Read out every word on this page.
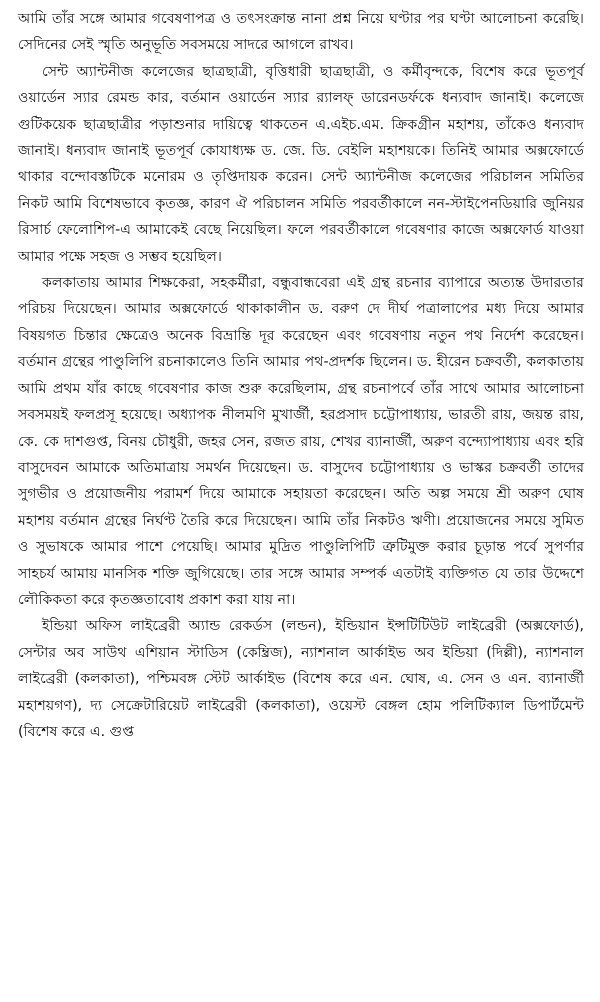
আমি তাঁর সঙ্গে আমার গবেষণাপত্র ও তৎসংক্রান্ত নানা প্রশ্ন নিয়ে ঘণ্টার পর ঘণ্টা আলোচনা করেছি। সেদিনের সেই স্মৃতি অনুভূতি সবসময়ে সাদরে আগলে রাখব।

সেন্ট অ্যান্টনীজ কলেজের ছাত্রছাত্রী, বৃত্তিধারী ছাত্রছাত্রী, ও কর্মীবৃন্দকে, বিশেষ করে ভূতপূর্ব ওয়ার্ডেন স্যার রেমন্ড কার, বর্তমান ওয়ার্ডেন স্যার র‍্যালফ্ ডারেনডর্ফকে ধন্যবাদ জানাই। কলেজে গুটিকয়েক ছাত্রছাত্রীর পড়াশুনার দায়িত্বে থাকতেন এ.এইচ.এম. ক্রিকগ্রীন মহাশয়, তাঁকেও ধন্যবাদ জানাই। ধন্যবাদ জানাই ভূতপূর্ব কোযাধ্যক্ষ ড. জে. ডি. বেইলি মহাশয়কে। তিনিই আমার অক্সফোর্ডে থাকার বন্দোবস্তটিকে মনোরম ও তৃপ্তিদায়ক করেন। সেন্ট অ্যান্টনীজ কলেজের পরিচালন সমিতির নিকট আমি বিশেষভাবে কৃতজ্ঞ, কারণ ঐ পরিচালন সমিতি পরবর্তীকালে নন-স্টাইপেনডিয়ারি জুনিয়র রিসার্চ ফেলোশিপ-এ আমাকেই বেছে নিয়েছিল। ফলে পরবর্তীকালে গবেষণার কাজে অক্সফোর্ড যাওয়া আমার পক্ষে সহজ ও সম্ভব হয়েছিল।

কলকাতায় আমার শিক্ষকেরা, সহকর্মীরা, বন্ধুবান্ধবেরা এই গ্রন্থ রচনার ব্যাপারে অত্যন্ত উদারতার পরিচয় দিয়েছেন। আমার অক্সফোর্ডে থাকাকালীন ড. বরুণ দে দীর্ঘ পত্রালাপের মধ্য দিয়ে আমার বিষয়গত চিন্তার ক্ষেত্রেও অনেক বিভ্রান্তি দূর করেছেন এবং গবেষণায় নতুন পথ নির্দেশ করেছেন। বর্তমান গ্রন্থের পাণ্ডুলিপি রচনাকালেও তিনি আমার পথ-প্রদর্শক ছিলেন। ড. হীরেন চক্রবর্তী, কলকাতায় আমি প্রথম যাঁর কাছে গবেষণার কাজ শুরু করেছিলাম, গ্রন্থ রচনাপর্বে তাঁর সাথে আমার আলোচনা সবসময়ই ফলপ্রসূ হয়েছে। অধ্যাপক নীলমণি মুখার্জী, হরপ্রসাদ চট্টোপাধ্যায়, ভারতী রায়, জয়ন্ত রায়, কে. কে দাশগুপ্ত, বিনয় চৌধুরী, জহর সেন, রজত রায়, শেখর ব্যানার্জী, অরুণ বন্দ্যোপাধ্যায় এবং হরি বাসুদেবন আমাকে অতিমাত্রায় সমর্থন দিয়েছেন। ড. বাসুদেব চট্টোপাধ্যায় ও ভাস্কর চক্রবর্তী তাদের সুগভীর ও প্রয়োজনীয় পরামর্শ দিয়ে আমাকে সহায়তা করেছেন। অতি অল্প সময়ে শ্রী অরুণ ঘোষ মহাশয় বর্তমান গ্রন্থের নির্ঘণ্ট তৈরি করে দিয়েছেন। আমি তাঁর নিকটও ঋণী। প্রয়োজনের সময়ে সুমিত ও সুভাষকে আমার পাশে পেয়েছি। আমার মুদ্রিত পাণ্ডুলিপিটি ত্রুটিমুক্ত করার চূড়ান্ত পর্বে সুপর্ণার সাহচর্য আমায় মানসিক শক্তি জুগিয়েছে। তার সঙ্গে আমার সম্পর্ক এতটাই ব্যক্তিগত যে তার উদ্দেশে লৌকিকতা করে কৃতজ্ঞতাবোধ প্রকাশ করা যায় না।

ইন্ডিয়া অফিস লাইব্রেরী অ্যান্ড রেকর্ডস (লন্ডন), ইন্ডিয়ান ইন্সটিটিউট লাইব্রেরী (অক্সফোর্ড), সেন্টার অব সাউথ এশিয়ান স্টাডিস (কেম্ব্রিজ), ন্যাশনাল আর্কাইভ অব ইন্ডিয়া (দিল্লী), ন্যাশনাল লাইব্রেরী (কলকাতা), পশ্চিমবঙ্গ স্টেট আর্কাইভ (বিশেষ করে এন. ঘোষ, এ. সেন ও এন. ব্যানার্জী মহাশয়গণ), দ্য সেক্রেটারিয়েট লাইব্রেরী (কলকাতা), ওয়েস্ট বেঙ্গল হোম পলিটিক্যাল ডিপার্টমেন্ট (বিশেষ করে এ. গুপ্ত
